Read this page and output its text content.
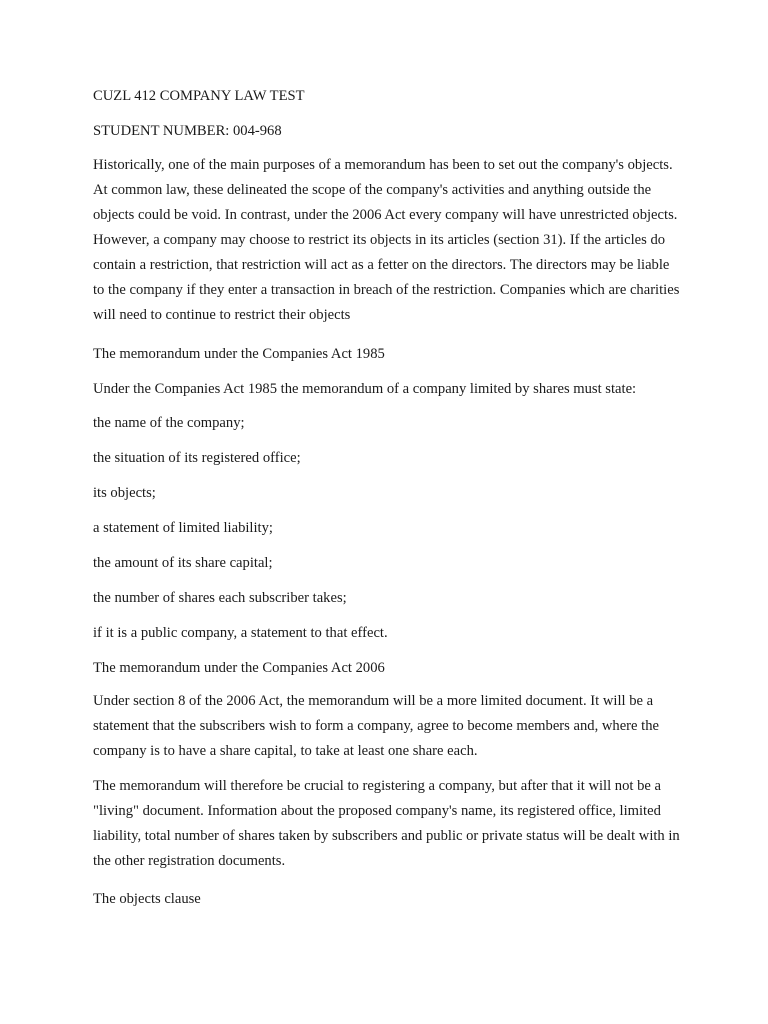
CUZL 412 COMPANY LAW TEST

STUDENT NUMBER: 004-968

Historically, one of the main purposes of a memorandum has been to set out the company's objects. At common law, these delineated the scope of the company's activities and anything outside the objects could be void. In contrast, under the 2006 Act every company will have unrestricted objects. However, a company may choose to restrict its objects in its articles (section 31). If the articles do contain a restriction, that restriction will act as a fetter on the directors. The directors may be liable to the company if they enter a transaction in breach of the restriction. Companies which are charities will need to continue to restrict their objects

The memorandum under the Companies Act 1985

Under the Companies Act 1985 the memorandum of a company limited by shares must state:

the name of the company;

the situation of its registered office;

its objects;

a statement of limited liability;

the amount of its share capital;

the number of shares each subscriber takes;

if it is a public company, a statement to that effect.

The memorandum under the Companies Act 2006

Under section 8 of the 2006 Act, the memorandum will be a more limited document. It will be a statement that the subscribers wish to form a company, agree to become members and, where the company is to have a share capital, to take at least one share each.

The memorandum will therefore be crucial to registering a company, but after that it will not be a "living" document. Information about the proposed company's name, its registered office, limited liability, total number of shares taken by subscribers and public or private status will be dealt with in the other registration documents.

The objects clause
